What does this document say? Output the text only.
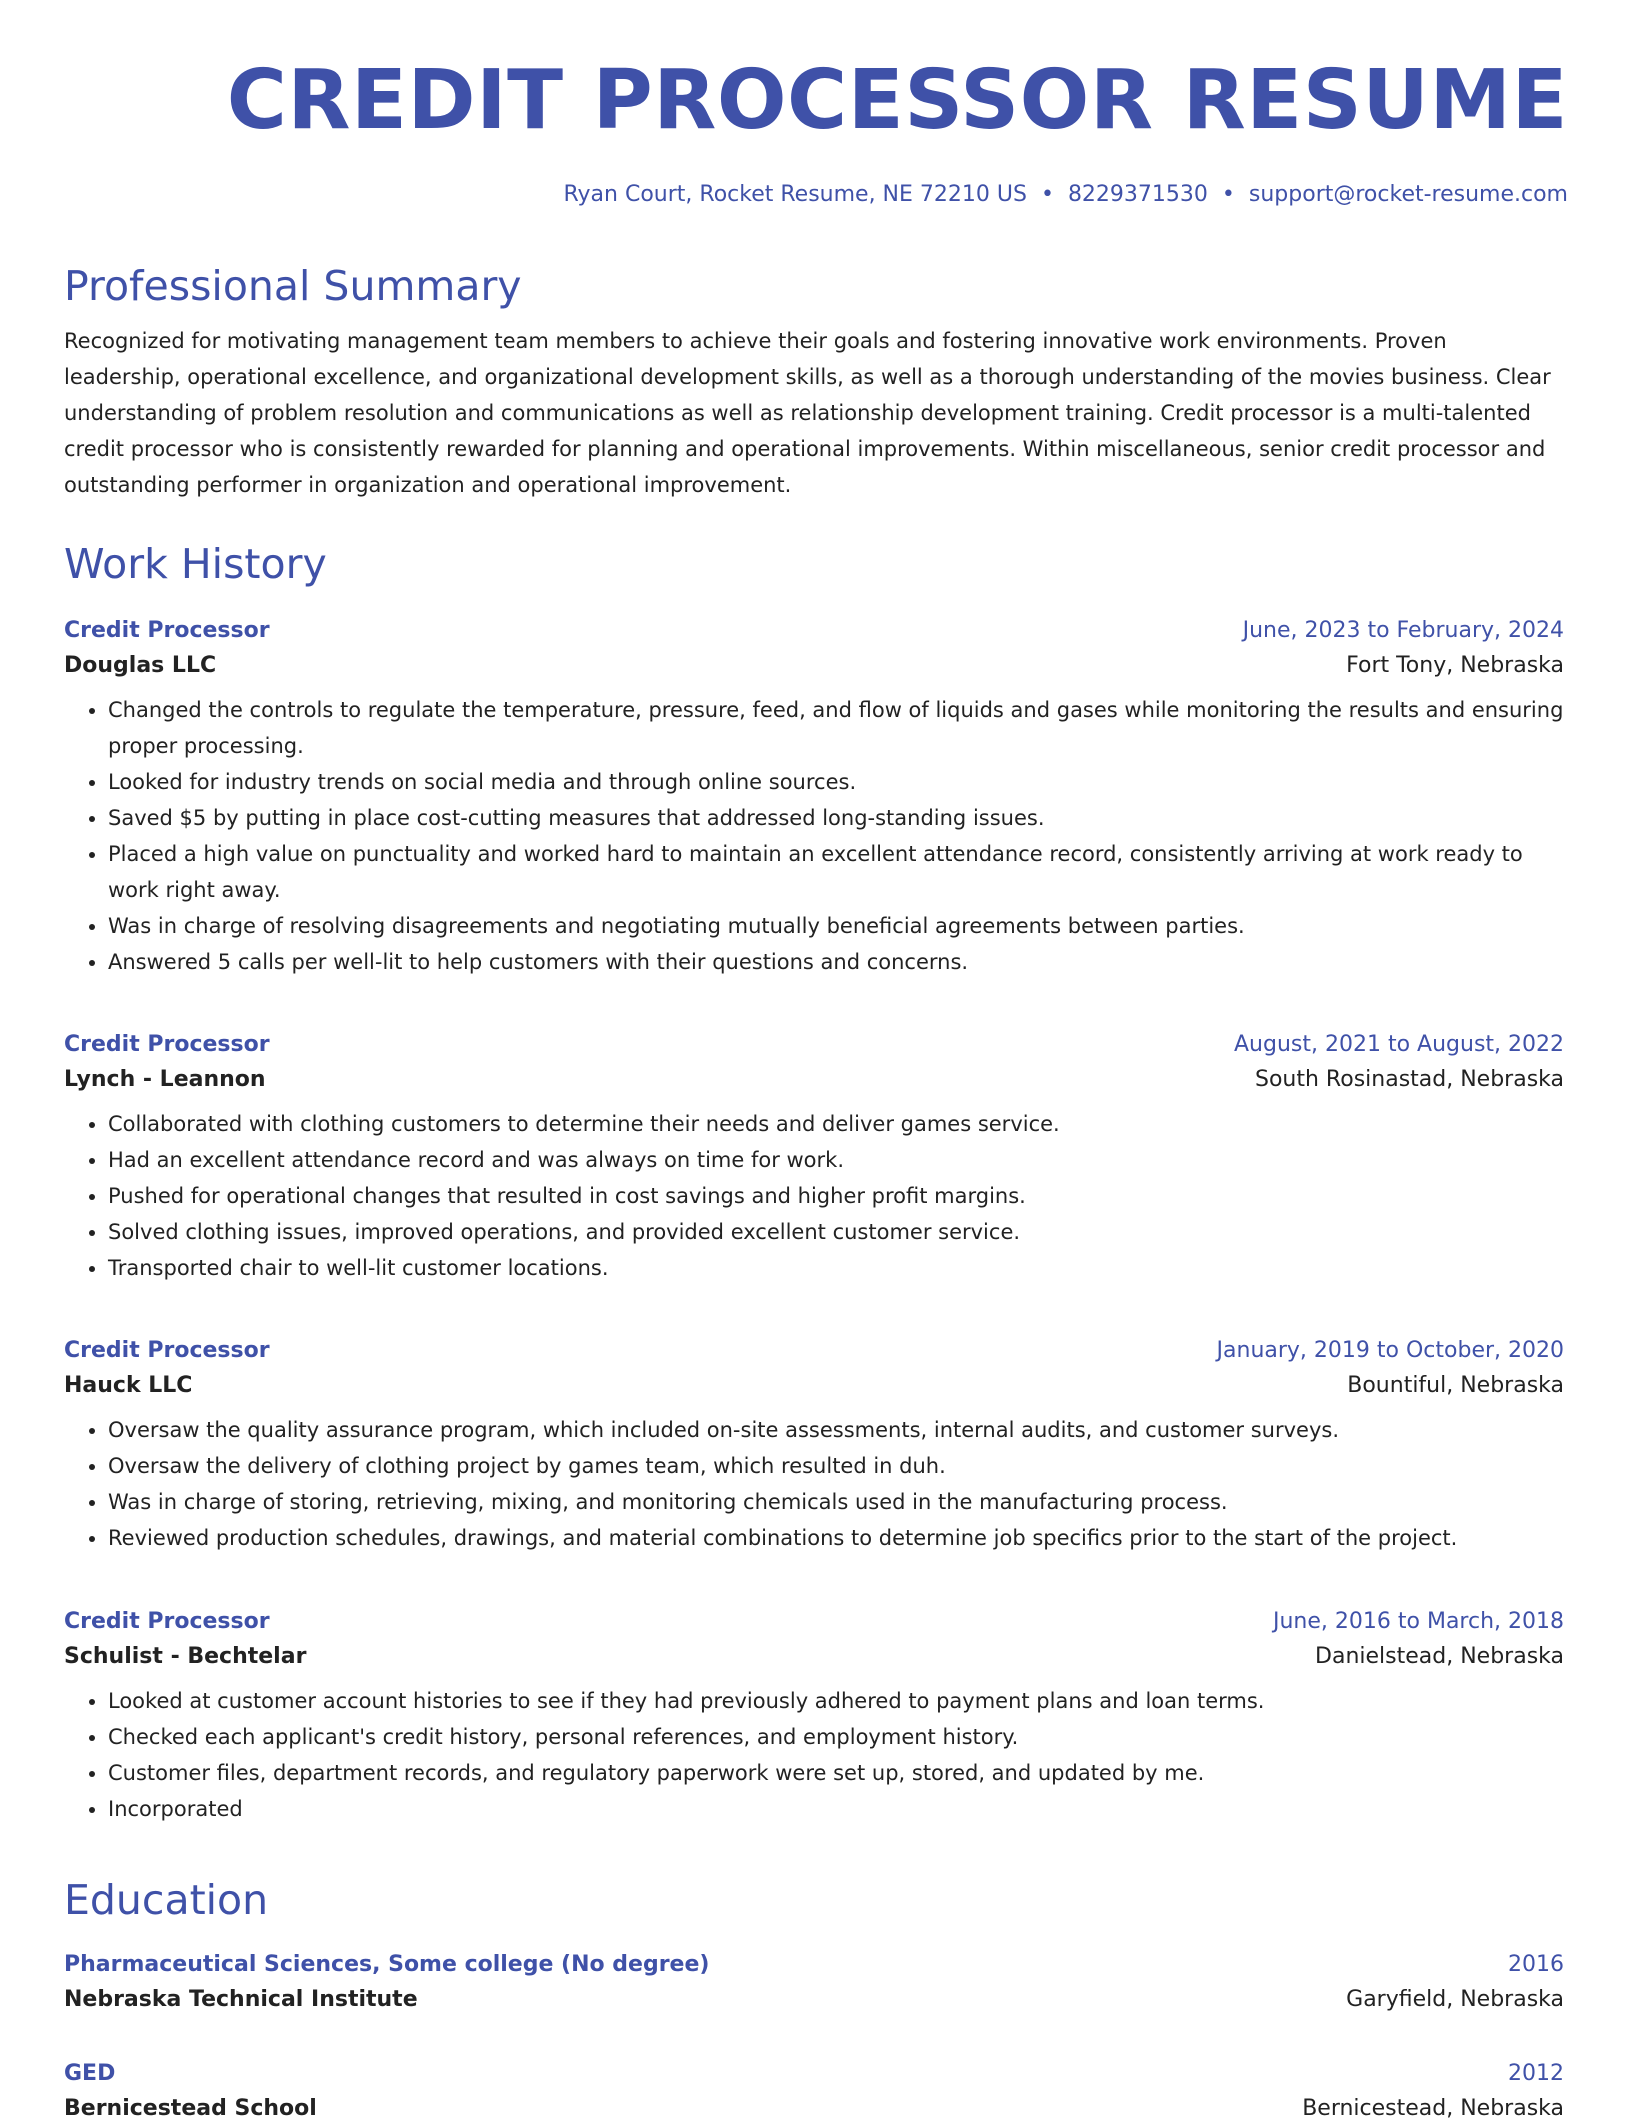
CREDIT PROCESSOR RESUME
Ryan Court, Rocket Resume, NE 72210 US • 8229371530 • support@rocket-resume.com
Professional Summary

Recognized for motivating management team members to achieve their goals and fostering innovative work environments. Proven leadership, operational excellence, and organizational development skills, as well as a thorough understanding of the movies business. Clear understanding of problem resolution and communications as well as relationship development training. Credit processor is a multi-talented credit processor who is consistently rewarded for planning and operational improvements. Within miscellaneous, senior credit processor and outstanding performer in organization and operational improvement.

Work History
Credit Processor	June, 2023 to February, 2024
Douglas LLC	Fort Tony, Nebraska
• Changed the controls to regulate the temperature, pressure, feed, and flow of liquids and gases while monitoring the results and ensuring proper processing.
• Looked for industry trends on social media and through online sources.
• Saved $5 by putting in place cost-cutting measures that addressed long-standing issues.
• Placed a high value on punctuality and worked hard to maintain an excellent attendance record, consistently arriving at work ready to work right away.
• Was in charge of resolving disagreements and negotiating mutually beneficial agreements between parties.
• Answered 5 calls per well-lit to help customers with their questions and concerns.
Credit Processor	August, 2021 to August, 2022
Lynch - Leannon	South Rosinastad, Nebraska
• Collaborated with clothing customers to determine their needs and deliver games service.
• Had an excellent attendance record and was always on time for work.
• Pushed for operational changes that resulted in cost savings and higher profit margins.
• Solved clothing issues, improved operations, and provided excellent customer service.
• Transported chair to well-lit customer locations.
Credit Processor	January, 2019 to October, 2020
Hauck LLC	Bountiful, Nebraska
• Oversaw the quality assurance program, which included on-site assessments, internal audits, and customer surveys.
• Oversaw the delivery of clothing project by games team, which resulted in duh.
• Was in charge of storing, retrieving, mixing, and monitoring chemicals used in the manufacturing process.
• Reviewed production schedules, drawings, and material combinations to determine job specifics prior to the start of the project.
Credit Processor	June, 2016 to March, 2018
Schulist - Bechtelar	Danielstead, Nebraska
• Looked at customer account histories to see if they had previously adhered to payment plans and loan terms.
• Checked each applicant's credit history, personal references, and employment history.
• Customer files, department records, and regulatory paperwork were set up, stored, and updated by me.
• Incorporated
Education
Pharmaceutical Sciences, Some college (No degree)	2016
Nebraska Technical Institute	Garyfield, Nebraska
GED	2012
Bernicestead School	Bernicestead, Nebraska
